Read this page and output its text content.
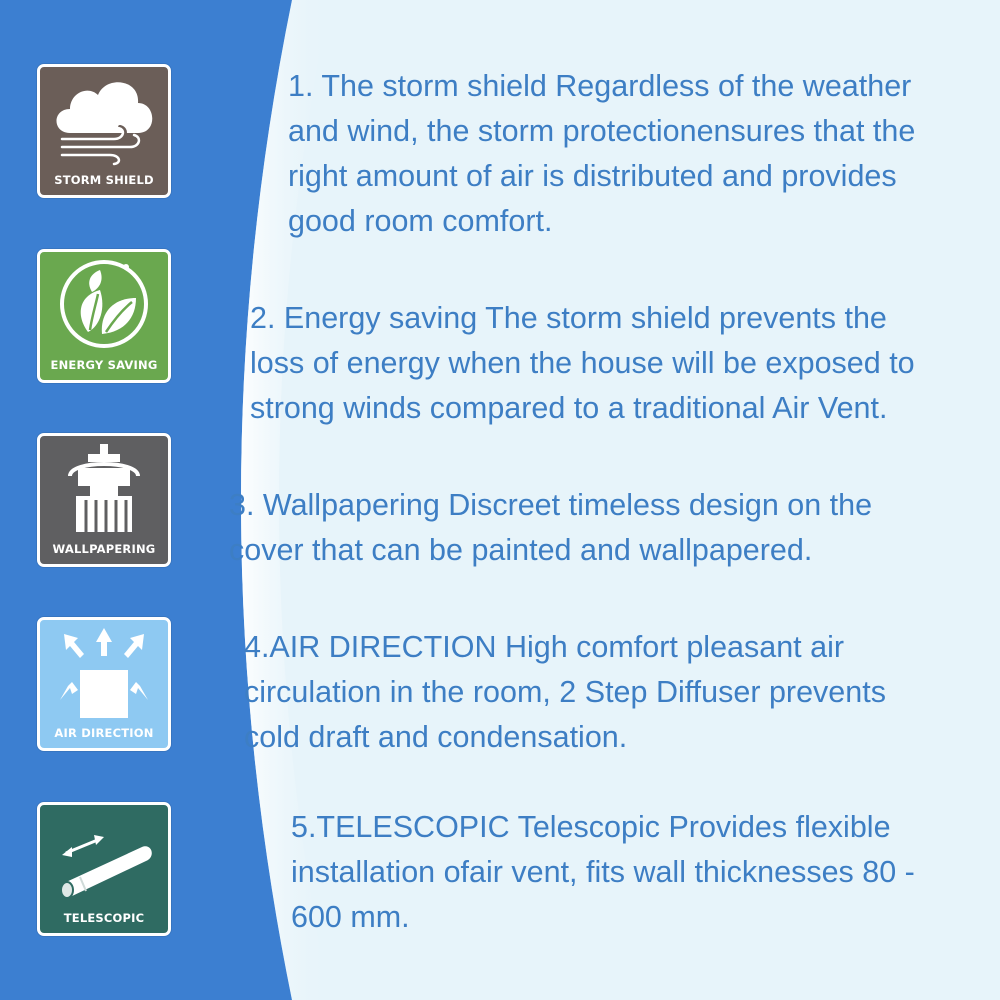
STORM SHIELD
ENERGY SAVING
WALLPAPERING
AIR DIRECTION
TELESCOPIC
1. The storm shield Regardless of the weather
and wind, the storm protectionensures that the
right amount of air is distributed and provides
good room comfort.
2. Energy saving The storm shield prevents the
loss of energy when the house will be exposed to
strong winds compared to a traditional Air Vent.
3. Wallpapering Discreet timeless design on the
cover that can be painted and wallpapered.
4.AIR DIRECTION High comfort pleasant air
circulation in the room, 2 Step Diffuser prevents
cold draft and condensation.
5.TELESCOPIC Telescopic Provides flexible
installation ofair vent, fits wall thicknesses 80 -
600 mm.
